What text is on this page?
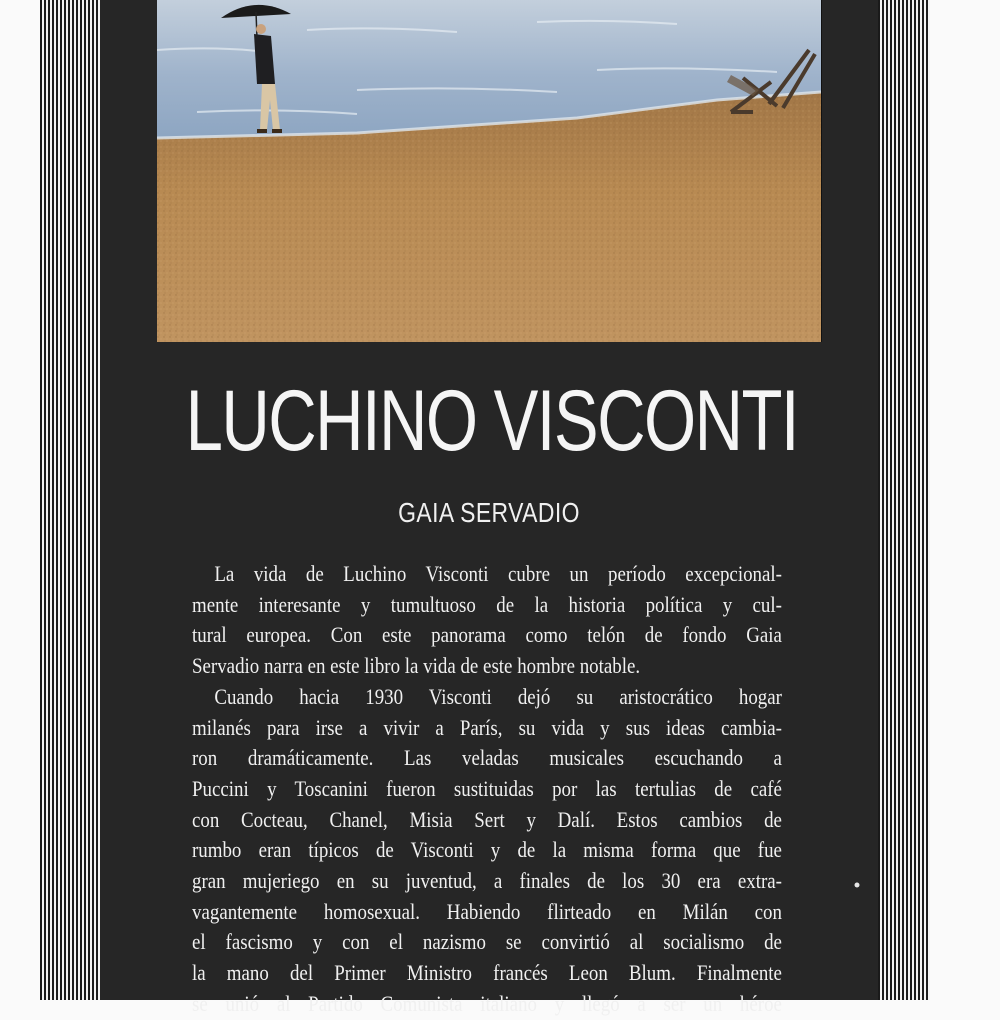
LUCHINO VISCONTI
GAIA SERVADIO
La vida de Luchino Visconti cubre un período excepcional-
mente interesante y tumultuoso de la historia política y cul-
tural europea. Con este panorama como telón de fondo Gaia
Servadio narra en este libro la vida de este hombre notable.
Cuando hacia 1930 Visconti dejó su aristocrático hogar
milanés para irse a vivir a París, su vida y sus ideas cambia-
ron dramáticamente. Las veladas musicales escuchando a
Puccini y Toscanini fueron sustituidas por las tertulias de café
con Cocteau, Chanel, Misia Sert y Dalí. Estos cambios de
rumbo eran típicos de Visconti y de la misma forma que fue
gran mujeriego en su juventud, a finales de los 30 era extra-
vagantemente homosexual. Habiendo flirteado en Milán con
el fascismo y con el nazismo se convirtió al socialismo de
la mano del Primer Ministro francés Leon Blum. Finalmente
se unió al Partido Comunista italiano y llegó a ser un héroe
